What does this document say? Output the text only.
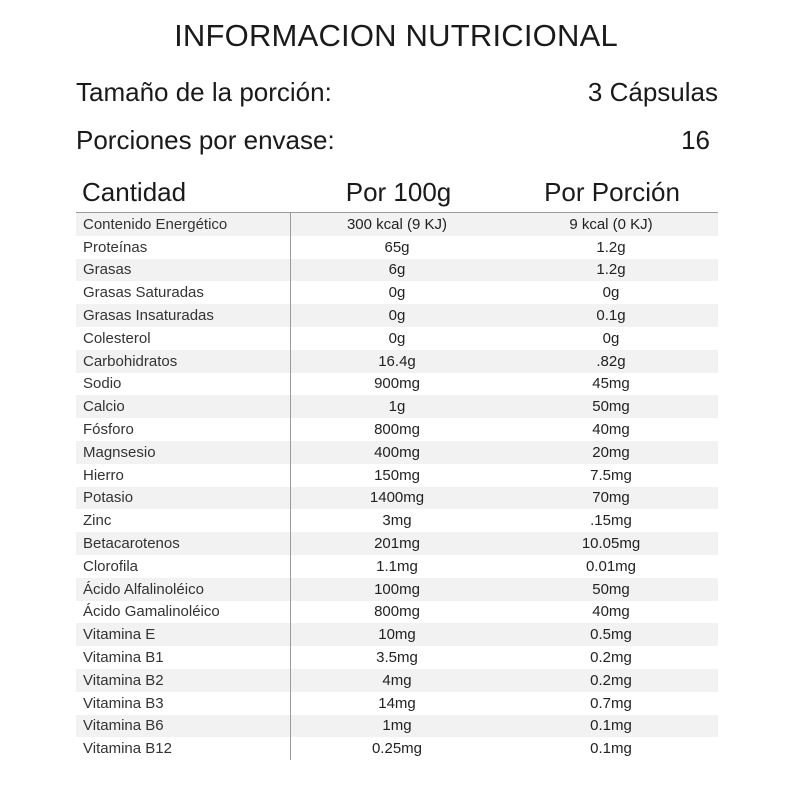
INFORMACION NUTRICIONAL
Tamaño de la porción:	3 Cápsulas
Porciones por envase:	16
Cantidad	Por 100g	Por Porción
Contenido Energético	300 kcal (9 KJ)	9 kcal (0 KJ)
Proteínas	65g	1.2g
Grasas	6g	1.2g
Grasas Saturadas	0g	0g
Grasas Insaturadas	0g	0.1g
Colesterol	0g	0g
Carbohidratos	16.4g	.82g
Sodio	900mg	45mg
Calcio	1g	50mg
Fósforo	800mg	40mg
Magnsesio	400mg	20mg
Hierro	150mg	7.5mg
Potasio	1400mg	70mg
Zinc	3mg	.15mg
Betacarotenos	201mg	10.05mg
Clorofila	1.1mg	0.01mg
Ácido Alfalinoléico	100mg	50mg
Ácido Gamalinoléico	800mg	40mg
Vitamina E	10mg	0.5mg
Vitamina B1	3.5mg	0.2mg
Vitamina B2	4mg	0.2mg
Vitamina B3	14mg	0.7mg
Vitamina B6	1mg	0.1mg
Vitamina B12	0.25mg	0.1mg
